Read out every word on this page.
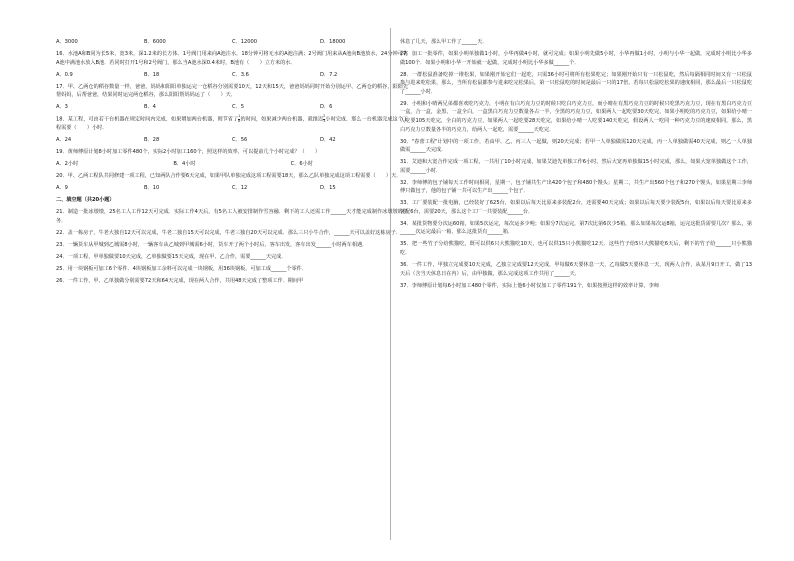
A．3000	B．6000	C．12000	D．18000
16．水池A和B同为长5米，宽3米，深1.2米的长方体．1号阀门用来向A池注水，18分钟可将无水的A池注满；2号阀门用来从A池向B池放水，24分钟可将A池中满池水放入B池．若同时打开1号和2号阀门，那么当A池水深0.4米时，B池有（　　）立方米的水．
A．0.9	B．18	C．3.6	D．7.2
17．甲、乙两仓的稻谷数量一样，爸爸，妈妈和阳阳单独运完一仓稻谷分别需要10天，12天和15天，爸爸妈妈同时开始分别运甲、乙两仓的稻谷，阳阳先帮妈妈，后帮爸爸，结果同时运完两仓稻谷，那么阳阳帮妈妈运了（　　）天．
A．3	B．4	C．5	D．6
18．某工程，可由若干台机器在规定时间内完成．如果增加两台机器，则节省了 $\frac{1}{8}$ 的时间，如果减少两台机器，就推迟 $\frac{2}{3}$ 小时完成．那么一台机器完成这个工程需要（　　）小时．
A．24	B．28	C．56	D．42
19．黄师傅原计划8小时加工零件480个，实际2小时加工160个，照这样的效率，可以提前几个小时完成？（　　）
A．2小时	B．4小时	C．6小时
20．甲、乙两工程队共同修建一项工程，已知两队合作要6天完成，如果甲队单独完成这项工程需要18天，那么乙队单独完成这项工程需要（　　）天．
A．9	B．10	C．12	D．15
二、填空题（共20小题）
21．制造一批冰墩墩，25名工人工作12天可完成．实际工作4天后，有5名工人被安排制作雪容融．剩下的工人还需工作______天才能完成制作冰墩墩的任务．
22．盖一栋房子，牛老大独自12天可以完成，牛老二独自15天可以完成，牛老三独自20天可以完成．那么三只小牛合作，______天可以盖好这栋房子．
23．一辆货车从甲城到乙城需8小时，一辆客车从乙城到甲城需6小时，货车开了两个小时后，客车出发，客车出发______小时两车相遇．
24．一项工程，甲单独做要10天完成，乙单独做要15天完成，现在甲、乙合作，需要______天完成．
25．用一块钢板可加工6个零件．4块钢板加工余料可以完成一块钢板，用36块钢板，可加工成______个零件．
26．一件工作，甲、乙单独做分别需要72天和64天完成，现在两人合作，共用48天完成了整项工作．期间甲
休息了几天，那么甲工作了______天．
27．加工一批零件，如果小明单独做1小时，小华再做4小时，就可完成；如果小明先做5小时，小华再做1小时，小明与小华一起做，完成时小明比小华多做100个．如果小明和小华一开始就一起做，完成时小明比小华多做______个．
28．一群松鼠准备吃掉一堆松果，如果刚开始它们一起吃，只需36小时可将所有松果吃完；如果刚开始只有一只松鼠吃，然后每隔相同时间又有一只松鼠参与进来吃松果，那么，当所有松鼠都参与进来吃完松果后，第一只松鼠吃的时间是最后一只的17倍，若每只松鼠吃松果的速度相同，那么最后一只松鼠吃了______小时．
29．小明和小晴两兄弟都喜欢吃巧克力，小明在有白巧克力豆的时候只吃白巧克力豆，而小晴在有黑巧克力豆的时候只吃黑巧克力豆，现在有黑白巧克力豆一盒，合一盒，金黑，一盒全白，一盒黑白巧克力豆数量各占一半，全黑的巧克力豆，如果两人一起吃要30天吃完，如果小明吃的巧克力豆，如果给小晴一人吃要105天吃完，全白的巧克力豆，如果两人一起吃要28天吃完，如果给小晴一人吃要140天吃完，假设两人一吃同一种巧克力豆的速度相同，那么，黑白巧克力豆数量各半的巧克力，给两人一起吃，需要______天吃完．
30．"春蕾工程"计划中的一项工作，若由甲、乙、丙三人一起做，则20天完成；若甲一人单独做需120天完成，丙一人单独做需40天完成，则乙一人单独做需______天完成．
31．艾迪和大宽合作完成一项工程，一共用了10小时完成，如果艾迪先单独工作6小时，然后大宽再单独做15小时完成，那么，如果大宽单独做这个工作，需要______小时．
32．李师傅的包子铺每天工作时间相同，星期一，包子铺共生产出420个包子和480个馒头；星期二，共生产出560个包子和270个馒头，如果星期三李师傅只做包子，他的包子铺一共可以生产出______个包子．
33．工厂要装配一批电脑，已经装好了625台，如果以后每天比原来多装配2台，还需要40天完成；如果以后每天要少装配5台，如果以后每天要比原来多装配6台，需要20天，那么这个工厂一共要装配______台．
34．某批货物要分次运60箱，如果5次运完，每次运多少吨；如果分7次运完，第7次比第6次少5箱，那么如果每次运8箱，运完这批货需要几次？那么，第______次运完最后一箱，那么这批货有______箱．
35．把一些竹子分给熊猫吃，既可以供6只大熊猫吃10天，也可以供15只小熊猫吃12天．这些竹子给5只大熊猫吃6天后，剩下的竹子给______只小熊猫吃．
36．一件工作，甲独立完成要10天完成，乙独立完成要12天完成，甲每做6天要休息一天，乙每做5天要休息一天，现两人合作，从某月9日开工，做了13天后（含当天休息日在内）后，由甲独做，那么完成这项工作共用了______天．
37．李师傅原计划每6小时加工480个零件，实际上他6小时仅加工了零件191个，如果按照这样的效率计算，李师
